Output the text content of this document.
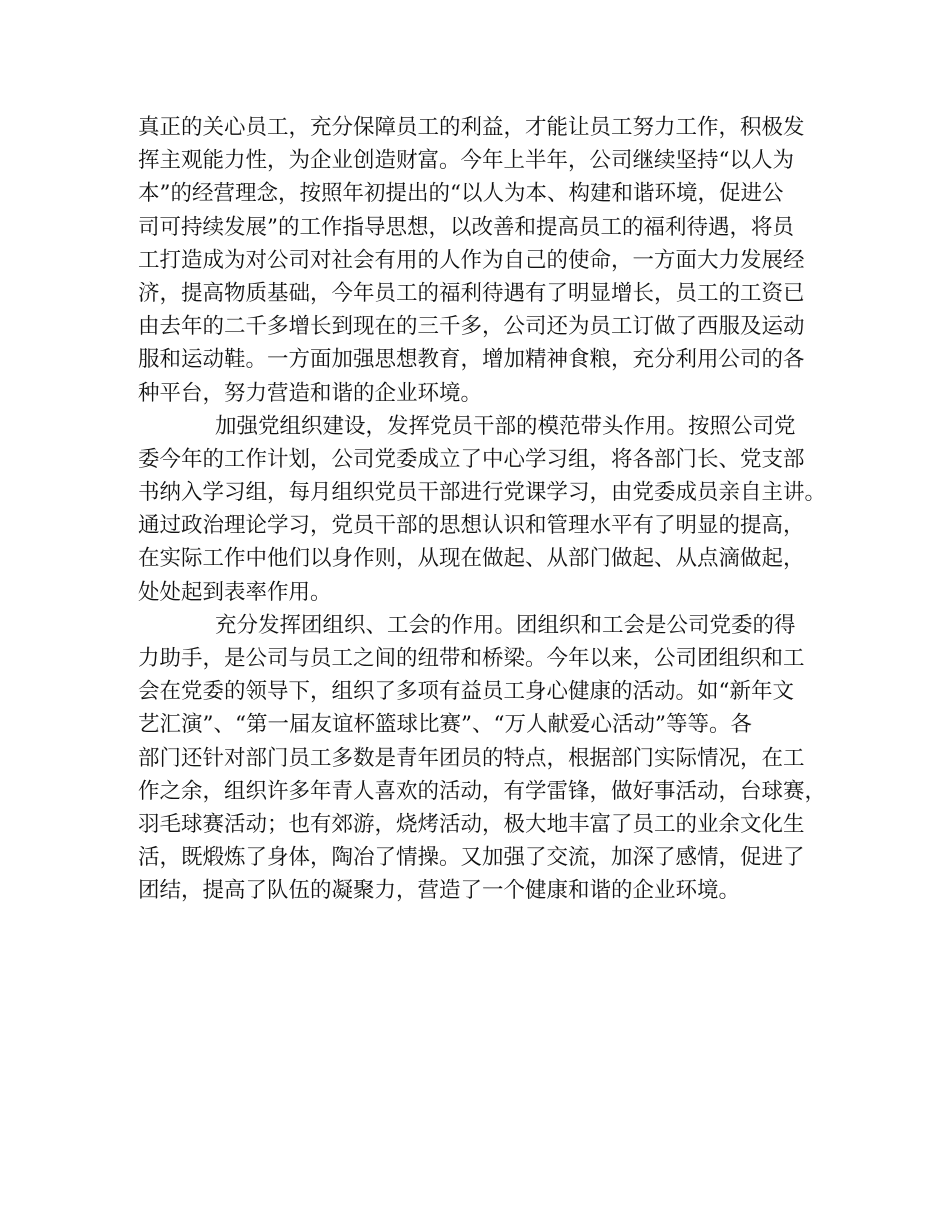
真正的关心员工，充分保障员工的利益，才能让员工努力工作，积极发
挥主观能力性，为企业创造财富。今年上半年，公司继续坚持“以人为
本”的经营理念，按照年初提出的“以人为本、构建和谐环境，促进公
司可持续发展”的工作指导思想，以改善和提高员工的福利待遇，将员
工打造成为对公司对社会有用的人作为自己的使命，一方面大力发展经
济，提高物质基础，今年员工的福利待遇有了明显增长，员工的工资已
由去年的二千多增长到现在的三千多，公司还为员工订做了西服及运动
服和运动鞋。一方面加强思想教育，增加精神食粮，充分利用公司的各
种平台，努力营造和谐的企业环境。
加强党组织建设，发挥党员干部的模范带头作用。按照公司党
委今年的工作计划，公司党委成立了中心学习组，将各部门长、党支部
书纳入学习组，每月组织党员干部进行党课学习，由党委成员亲自主讲。
通过政治理论学习，党员干部的思想认识和管理水平有了明显的提高，
在实际工作中他们以身作则，从现在做起、从部门做起、从点滴做起，
处处起到表率作用。
充分发挥团组织、工会的作用。团组织和工会是公司党委的得
力助手，是公司与员工之间的纽带和桥梁。今年以来，公司团组织和工
会在党委的领导下，组织了多项有益员工身心健康的活动。如“新年文
艺汇演”、“第一届友谊杯篮球比赛”、“万人献爱心活动”等等。各
部门还针对部门员工多数是青年团员的特点，根据部门实际情况，在工
作之余，组织许多年青人喜欢的活动，有学雷锋，做好事活动，台球赛，
羽毛球赛活动；也有郊游，烧烤活动，极大地丰富了员工的业余文化生
活，既煅炼了身体，陶冶了情操。又加强了交流，加深了感情，促进了
团结，提高了队伍的凝聚力，营造了一个健康和谐的企业环境。
